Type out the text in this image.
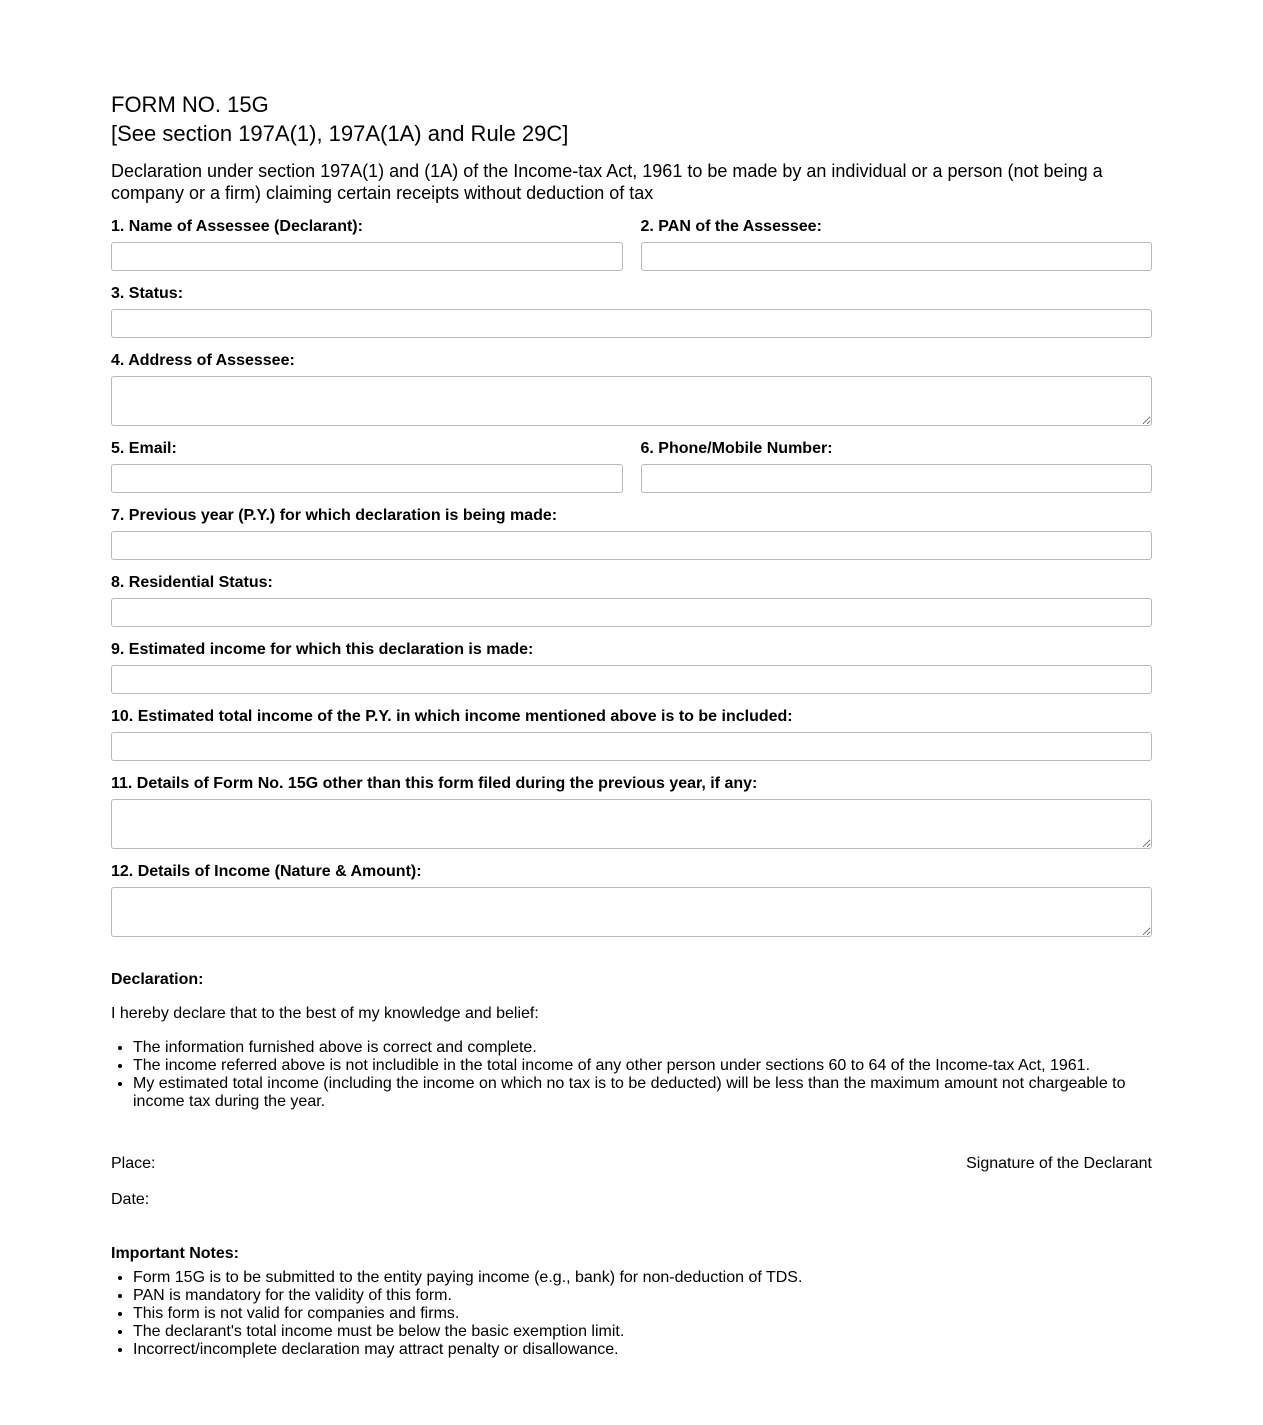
FORM NO. 15G
[See section 197A(1), 197A(1A) and Rule 29C]

Declaration under section 197A(1) and (1A) of the Income-tax Act, 1961 to be made by an individual or a person (not being a company or a firm) claiming certain receipts without deduction of tax

1. Name of Assessee (Declarant):	2. PAN of the Assessee:
3. Status:
4. Address of Assessee:
5. Email:	6. Phone/Mobile Number:
7. Previous year (P.Y.) for which declaration is being made:
8. Residential Status:
9. Estimated income for which this declaration is made:
10. Estimated total income of the P.Y. in which income mentioned above is to be included:
11. Details of Form No. 15G other than this form filed during the previous year, if any:
12. Details of Income (Nature & Amount):

Declaration:

I hereby declare that to the best of my knowledge and belief:

• The information furnished above is correct and complete.
• The income referred above is not includible in the total income of any other person under sections 60 to 64 of the Income-tax Act, 1961.
• My estimated total income (including the income on which no tax is to be deducted) will be less than the maximum amount not chargeable to income tax during the year.
Place:	Signature of the Declarant
Date:

Important Notes:

• Form 15G is to be submitted to the entity paying income (e.g., bank) for non-deduction of TDS.
• PAN is mandatory for the validity of this form.
• This form is not valid for companies and firms.
• The declarant's total income must be below the basic exemption limit.
• Incorrect/incomplete declaration may attract penalty or disallowance.
